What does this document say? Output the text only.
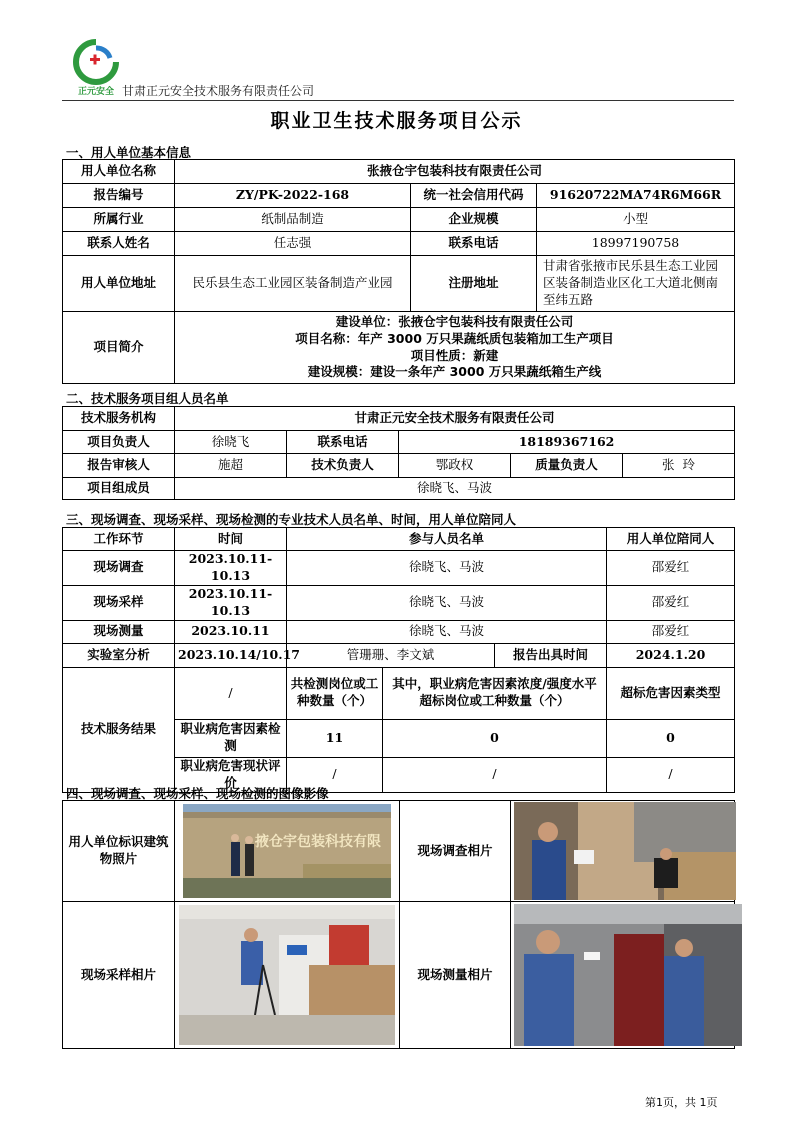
正元安全 甘肃正元安全技术服务有限责任公司
职业卫生技术服务项目公示
一、用人单位基本信息
用人单位名称	张掖仓宇包装科技有限责任公司		
报告编号	ZY/PK-2022-168	统一社会信用代码	91620722MA74R6M66R
所属行业	纸制品制造	企业规模	小型
联系人姓名	任志强	联系电话	18997190758
用人单位地址	民乐县生态工业园区装备制造产业园	注册地址	甘肃省张掖市民乐县生态工业园区装备制造业区化工大道北侧南至纬五路
项目简介	建设单位：张掖仓宇包装科技有限责任公司
项目名称：年产 3000 万只果蔬纸质包装箱加工生产项目
项目性质：新建
建设规模：建设一条年产 3000 万只果蔬纸箱生产线		
二、技术服务项目组人员名单
技术服务机构	甘肃正元安全技术服务有限责任公司				
项目负责人	徐晓飞	联系电话	18189367162		
报告审核人	施超	技术负责人	鄂政权	质量负责人	张  玲
项目组成员	徐晓飞、马波				
三、现场调查、现场采样、现场检测的专业技术人员名单、时间，用人单位陪同人
工作环节	时间	参与人员名单			用人单位陪同人
现场调查	2023.10.11-10.13	徐晓飞、马波			邵爱红
现场采样	2023.10.11-10.13	徐晓飞、马波			邵爱红
现场测量	2023.10.11	徐晓飞、马波			邵爱红
实验室分析	2023.10.14/10.17	管珊珊、李文斌		报告出具时间	2024.1.20
技术服务结果	/	共检测岗位或工种数量（个）	其中，职业病危害因素浓度/强度水平超标岗位或工种数量（个）		超标危害因素类型
	职业病危害因素检测	11	0		0
	职业病危害现状评价	/	/		/
四、现场调查、现场采样、现场检测的图像影像
用人单位标识建筑物照片	掖仓宇包装科技有限	现场调查相片	

现场采样相片		现场测量相片	
第1页，共 1页
